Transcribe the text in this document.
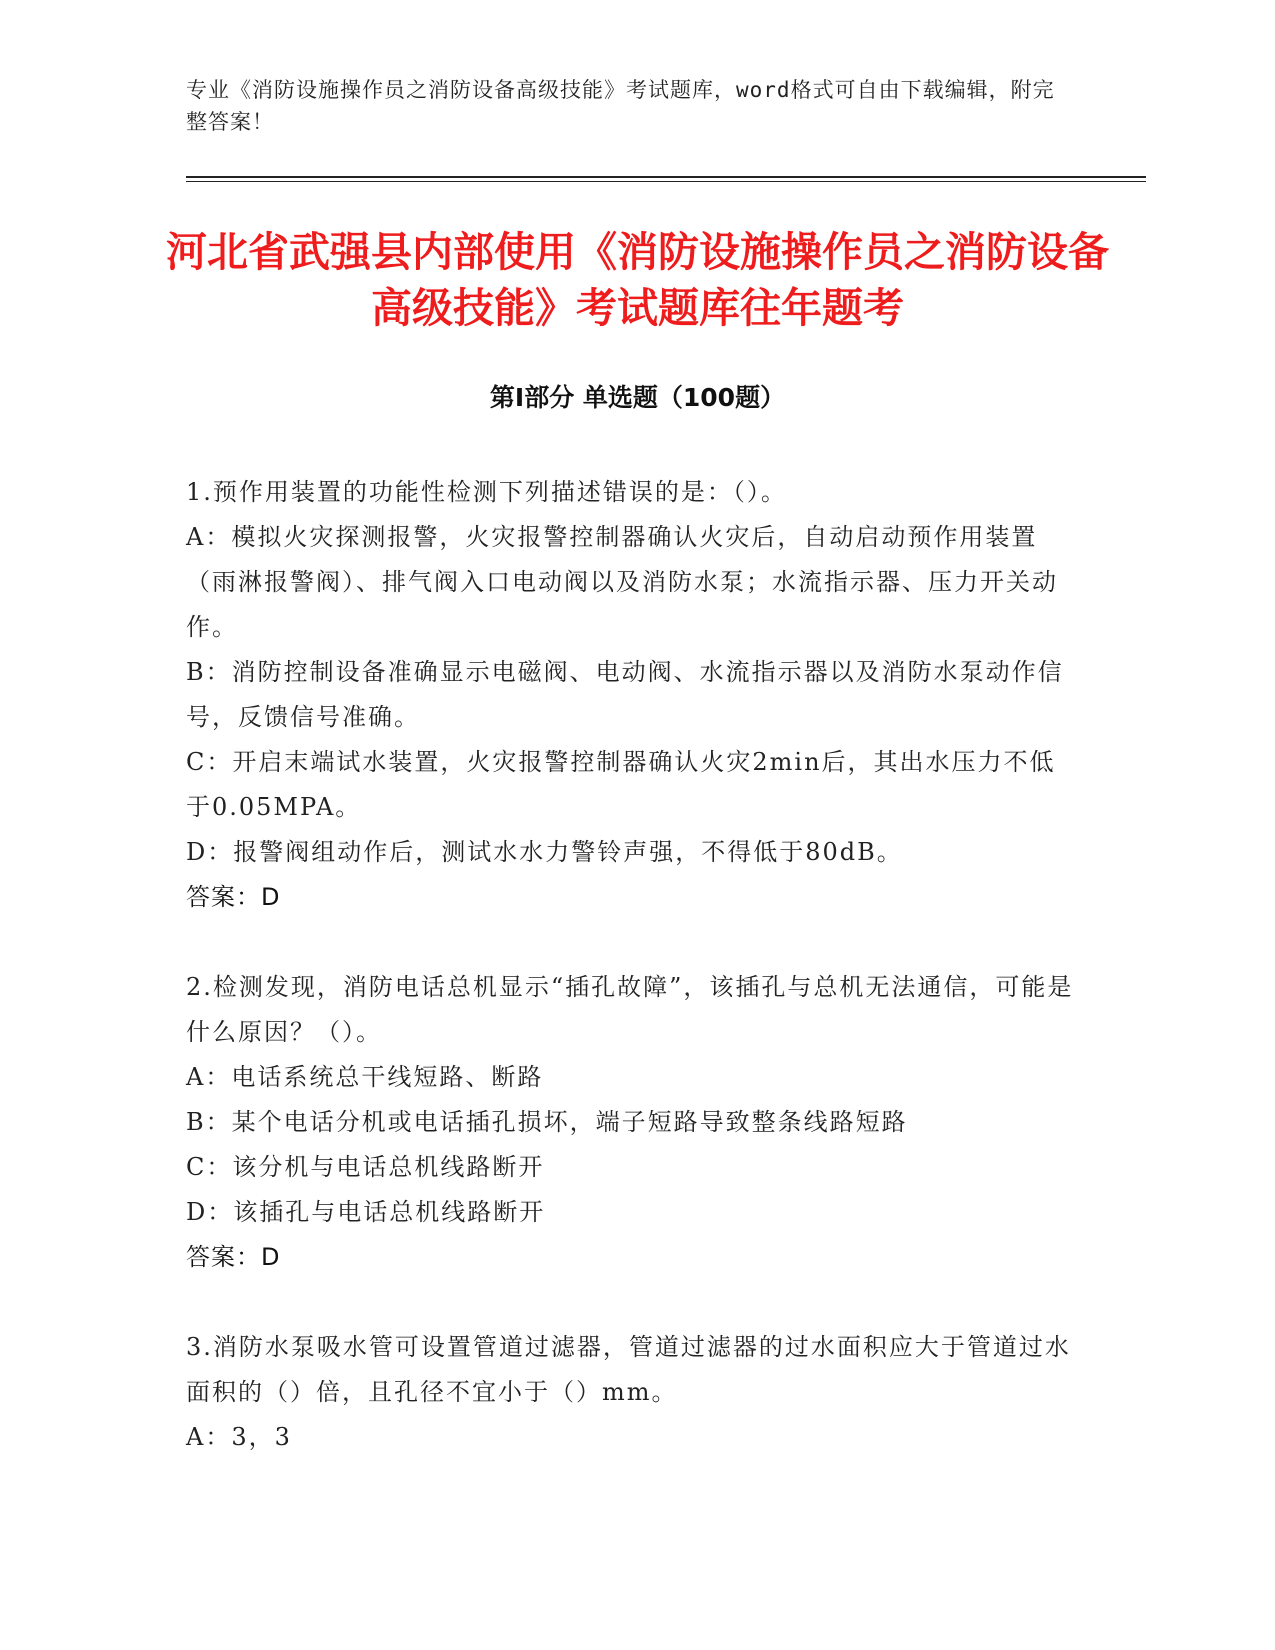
专业《消防设施操作员之消防设备高级技能》考试题库，word格式可自由下载编辑，附完整答案！
河北省武强县内部使用《消防设施操作员之消防设备高级技能》考试题库往年题考
第Ⅰ部分 单选题（100题）

1.预作用装置的功能性检测下列描述错误的是：（）。

A：模拟火灾探测报警，火灾报警控制器确认火灾后，自动启动预作用装置（雨淋报警阀）、排气阀入口电动阀以及消防水泵；水流指示器、压力开关动作。

B：消防控制设备准确显示电磁阀、电动阀、水流指示器以及消防水泵动作信号，反馈信号准确。

C：开启末端试水装置，火灾报警控制器确认火灾2min后，其出水压力不低于0.05MPA。

D：报警阀组动作后，测试水水力警铃声强，不得低于80dB。

答案：D

2.检测发现，消防电话总机显示“插孔故障”，该插孔与总机无法通信，可能是什么原因？（）。

A：电话系统总干线短路、断路

B：某个电话分机或电话插孔损坏，端子短路导致整条线路短路

C：该分机与电话总机线路断开

D：该插孔与电话总机线路断开

答案：D

3.消防水泵吸水管可设置管道过滤器，管道过滤器的过水面积应大于管道过水面积的（）倍，且孔径不宜小于（）mm。

A：3，3
